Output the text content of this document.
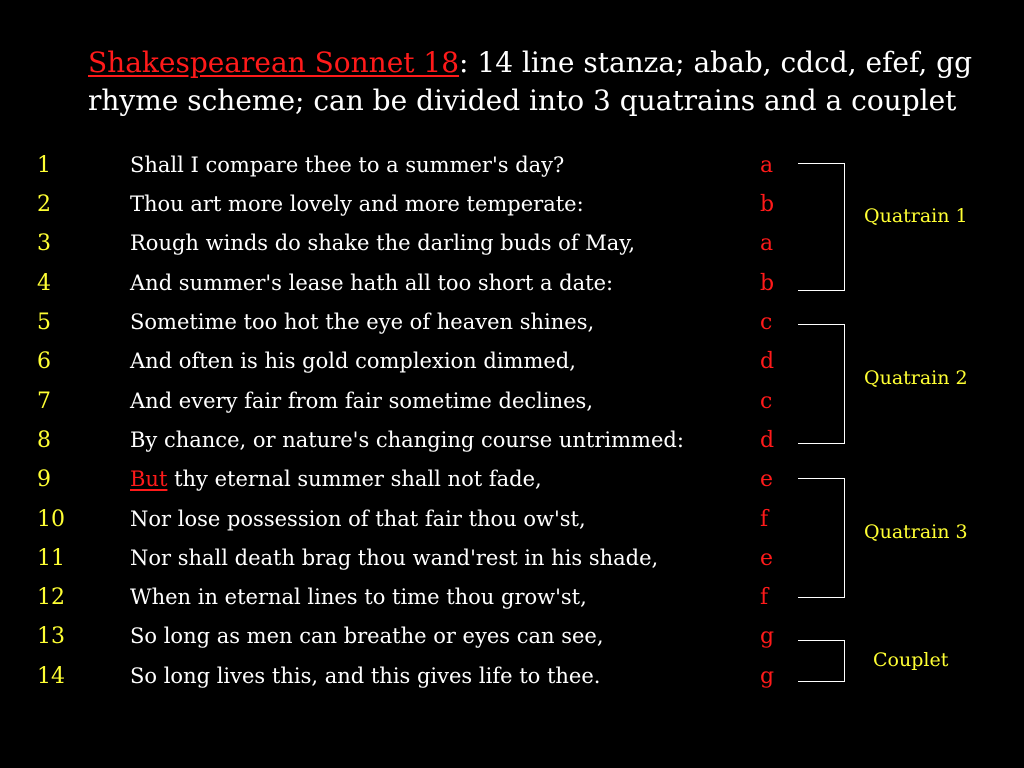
Shakespearean Sonnet 18: 14 line stanza; abab, cdcd, efef, gg rhyme scheme; can be divided into 3 quatrains and a couplet
1	Shall I compare thee to a summer's day?	a
2	Thou art more lovely and more temperate:	b
3	Rough winds do shake the darling buds of May,	a
4	And summer's lease hath all too short a date:	b
5	Sometime too hot the eye of heaven shines,	c
6	And often is his gold complexion dimmed,	d
7	And every fair from fair sometime declines,	c
8	By chance, or nature's changing course untrimmed:	d
9	But thy eternal summer shall not fade,	e
10	Nor lose possession of that fair thou ow'st,	f
11	Nor shall death brag thou wand'rest in his shade,	e
12	When in eternal lines to time thou grow'st,	f
13	So long as men can breathe or eyes can see,	g
14	So long lives this, and this gives life to thee.	g
Quatrain 1
Quatrain 2
Quatrain 3
Couplet
